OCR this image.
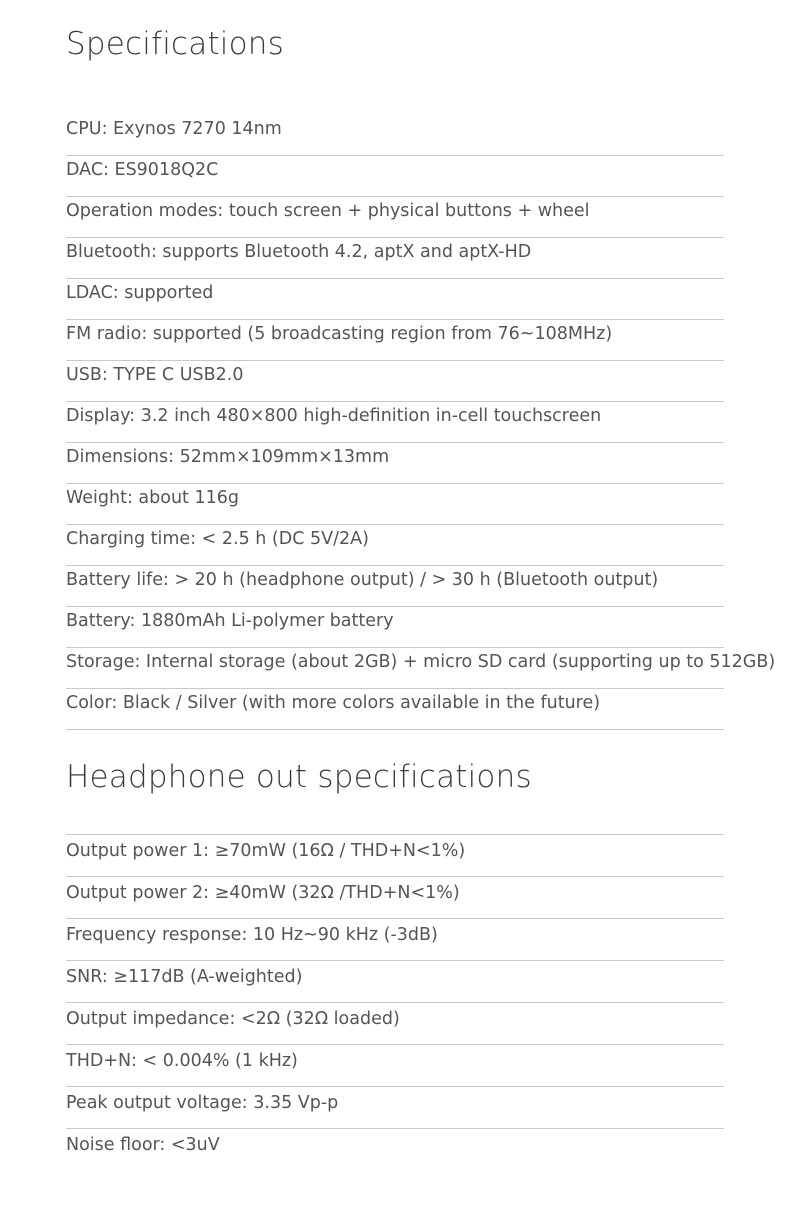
Specifications
CPU: Exynos 7270 14nm
DAC: ES9018Q2C
Operation modes: touch screen + physical buttons + wheel
Bluetooth: supports Bluetooth 4.2, aptX and aptX-HD
LDAC: supported
FM radio: supported (5 broadcasting region from 76~108MHz)
USB: TYPE C USB2.0
Display: 3.2 inch 480×800 high-definition in-cell touchscreen
Dimensions: 52mm×109mm×13mm
Weight: about 116g
Charging time: < 2.5 h (DC 5V/2A)
Battery life: > 20 h (headphone output) / > 30 h (Bluetooth output)
Battery: 1880mAh Li-polymer battery
Storage: Internal storage (about 2GB) + micro SD card (supporting up to 512GB)
Color: Black / Silver (with more colors available in the future)
Headphone out specifications
Output power 1: ≥70mW (16Ω / THD+N<1%)
Output power 2: ≥40mW (32Ω /THD+N<1%)
Frequency response: 10 Hz~90 kHz (-3dB)
SNR: ≥117dB (A-weighted)
Output impedance: <2Ω (32Ω loaded)
THD+N: < 0.004% (1 kHz)
Peak output voltage: 3.35 Vp-p
Noise floor: <3uV
